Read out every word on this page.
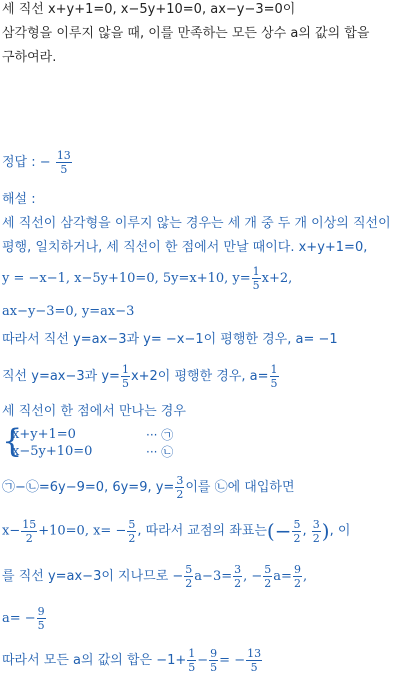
세 직선 x+y+1=0, x−5y+10=0, ax−y−3=0이
삼각형을 이루지 않을 때, 이를 만족하는 모든 상수 a의 값의 합을
구하여라.
정답 : − $\frac{13}{5}$
해설 :
세 직선이 삼각형을 이루지 않는 경우는 세 개 중 두 개 이상의 직선이
평행, 일치하거나, 세 직선이 한 점에서 만날 때이다. x+y+1=0,
y = −x−1, x−5y+10=0, 5y=x+10, $y= \frac{1}{5} x+2$,
ax−y−3=0, y=ax−3
따라서 직선 y=ax−3과 y= −x−1이 평행한 경우, a= −1
직선 y=ax−3과 $y= \frac{1}{5} x+2$이 평행한 경우, $a= \frac{1}{5}$
세 직선이 한 점에서 만나는 경우
{
x+y+1=0
x−5y+10=0
··· ㉠
··· ㉡
㉠−㉡=6y−9=0, 6y=9, $y= \frac{3}{2}$ 이를 ㉡에 대입하면
$x- \frac{15}{2} +10=0$, $x= - \frac{5}{2}$ , 따라서 교점의 좌표는(− $\frac{5}{2}$ , $\frac{3}{2}$ ), 이
를 직선 y=ax−3이 지나므로 − $\frac{5}{2} a-3= \frac{3}{2}$ , − $\frac{5}{2} a= \frac{9}{2}$ ,
$a= - \frac{9}{5}$
따라서 모든 a의 값의 합은 $-1+ \frac{1}{5} - \frac{9}{5}$ = − $\frac{13}{5}$
